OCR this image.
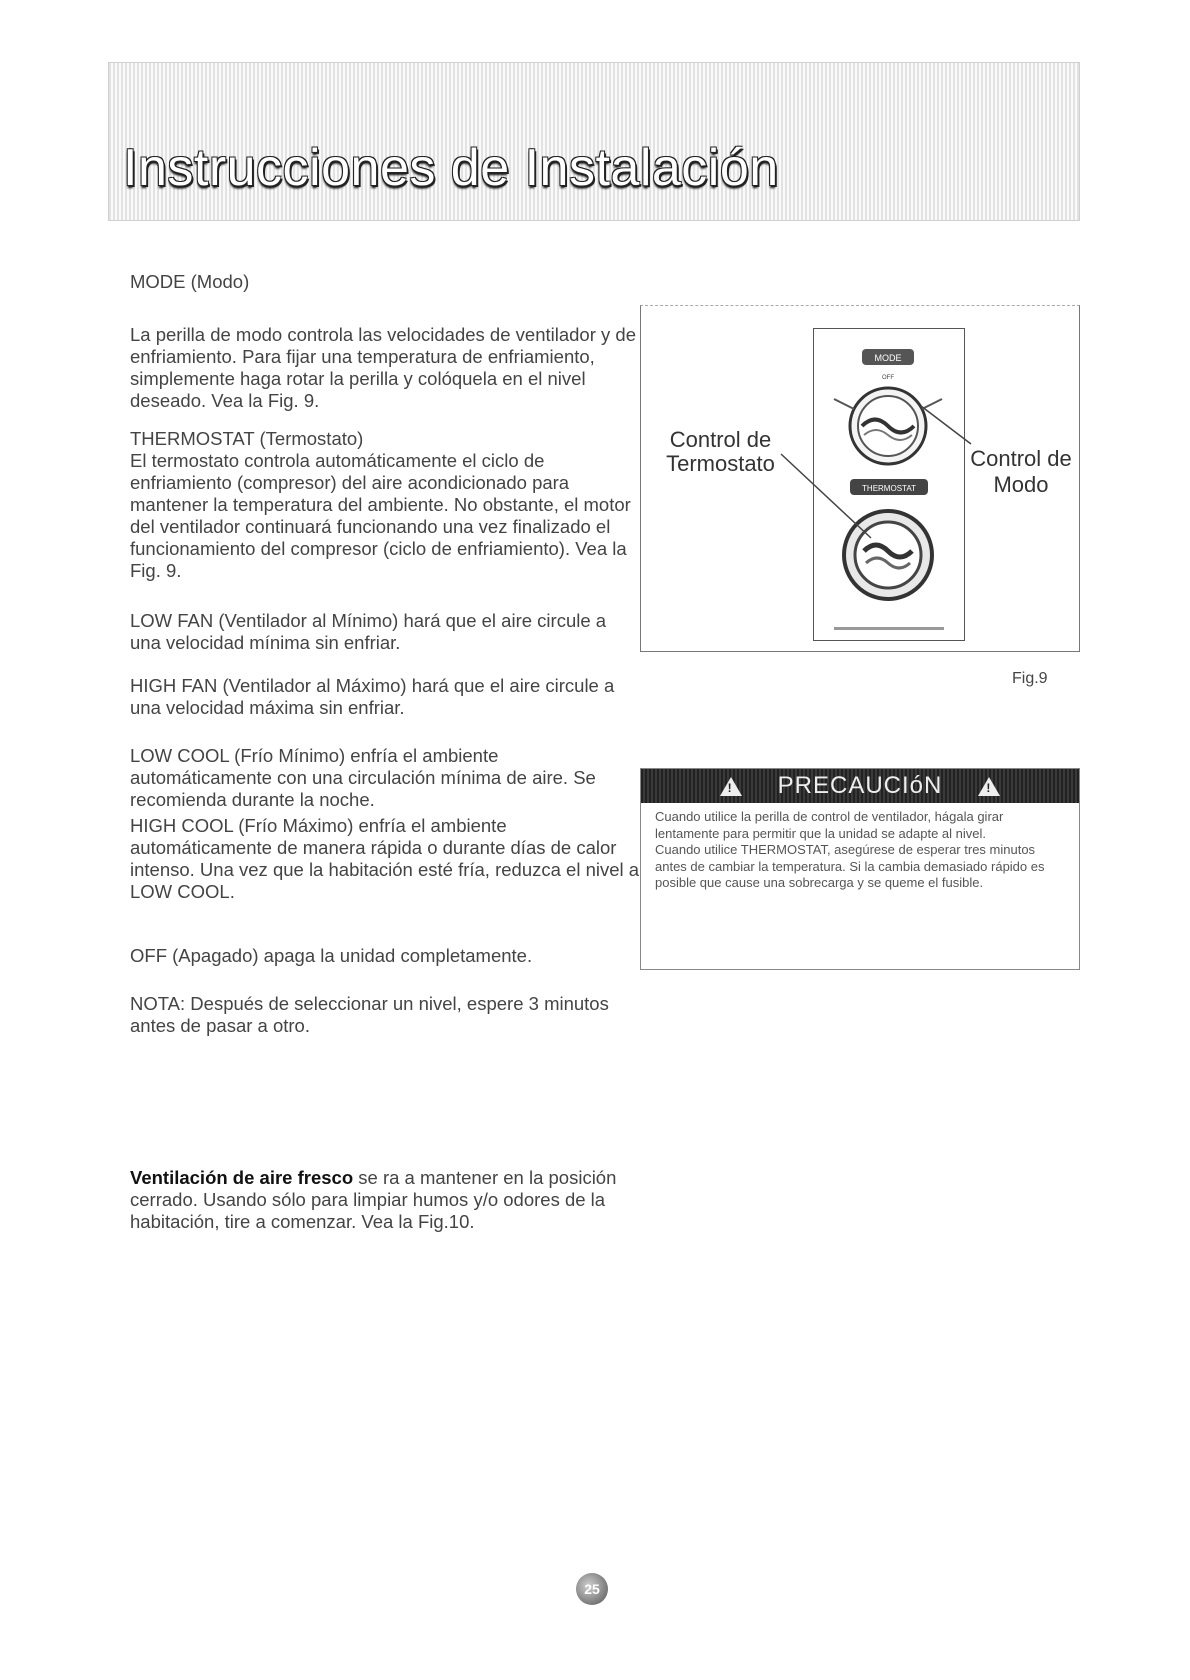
Instrucciones de Instalación

MODE (Modo)

La perilla de modo controla las velocidades de ventilador y de enfriamiento. Para fijar una temperatura de enfriamiento, simplemente haga rotar la perilla y colóquela en el nivel deseado. Vea la Fig. 9.

THERMOSTAT (Termostato)

El termostato controla automáticamente el ciclo de enfriamiento (compresor) del aire acondicionado para mantener la temperatura del ambiente. No obstante, el motor del ventilador continuará funcionando una vez finalizado el funcionamiento del compresor (ciclo de enfriamiento). Vea la Fig. 9.

LOW FAN (Ventilador al Mínimo) hará que el aire circule a una velocidad mínima sin enfriar.

HIGH FAN (Ventilador al Máximo) hará que el aire circule a una velocidad máxima sin enfriar.

LOW COOL (Frío Mínimo) enfría el ambiente automáticamente con una circulación mínima de aire. Se recomienda durante la noche.

HIGH COOL (Frío Máximo) enfría el ambiente automáticamente de manera rápida o durante días de calor intenso. Una vez que la habitación esté fría, reduzca el nivel a LOW COOL.

OFF (Apagado) apaga la unidad completamente.

NOTA: Después de seleccionar un nivel, espere 3 minutos antes de pasar a otro.

Ventilación de aire fresco se ra a mantener en la posición cerrado. Usando sólo para limpiar humos y/o odores de la habitación, tire a comenzar. Vea la Fig.10.

Control de Termostato	Control de Modo
MODE
OFF
THERMOSTAT
Fig.9
!
PRECAUCIóN
!

Cuando utilice la perilla de control de ventilador, hágala girar lentamente para permitir que la unidad se adapte al nivel.

Cuando utilice THERMOSTAT, asegúrese de esperar tres minutos antes de cambiar la temperatura. Si la cambia demasiado rápido es posible que cause una sobrecarga y se queme el fusible.

25
